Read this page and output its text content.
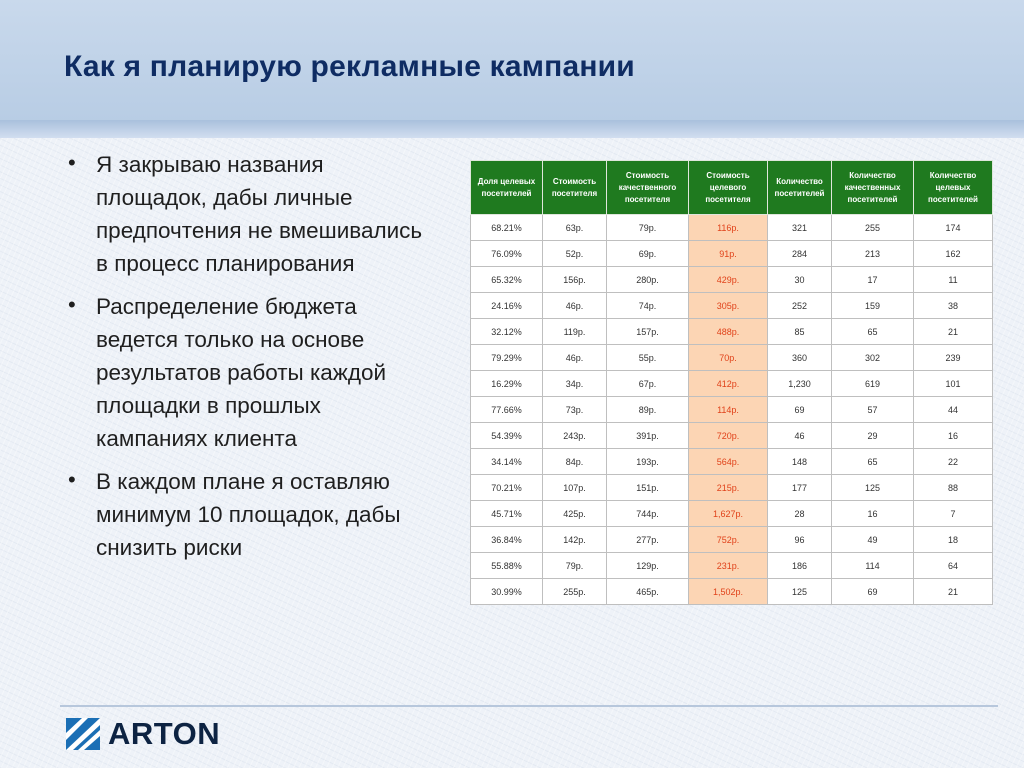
Как я планирую рекламные кампании
• Я закрываю названия площадок, дабы личные предпочтения не вмешивались в процесс планирования
• Распределение бюджета ведется только на основе результатов работы каждой площадки в прошлых кампаниях клиента
• В каждом плане я оставляю минимум 10 площадок, дабы снизить риски
Доля целевых посетителей	Стоимость посетителя	Стоимость качественного посетителя	Стоимость целевого посетителя	Количество посетителей	Количество качественных посетителей	Количество целевых посетителей
68.21%	63р.	79р.	116р.	321	255	174
76.09%	52р.	69р.	91р.	284	213	162
65.32%	156р.	280р.	429р.	30	17	11
24.16%	46р.	74р.	305р.	252	159	38
32.12%	119р.	157р.	488р.	85	65	21
79.29%	46р.	55р.	70р.	360	302	239
16.29%	34р.	67р.	412р.	1,230	619	101
77.66%	73р.	89р.	114р.	69	57	44
54.39%	243р.	391р.	720р.	46	29	16
34.14%	84р.	193р.	564р.	148	65	22
70.21%	107р.	151р.	215р.	177	125	88
45.71%	425р.	744р.	1,627р.	28	16	7
36.84%	142р.	277р.	752р.	96	49	18
55.88%	79р.	129р.	231р.	186	114	64
30.99%	255р.	465р.	1,502р.	125	69	21
ARTON
